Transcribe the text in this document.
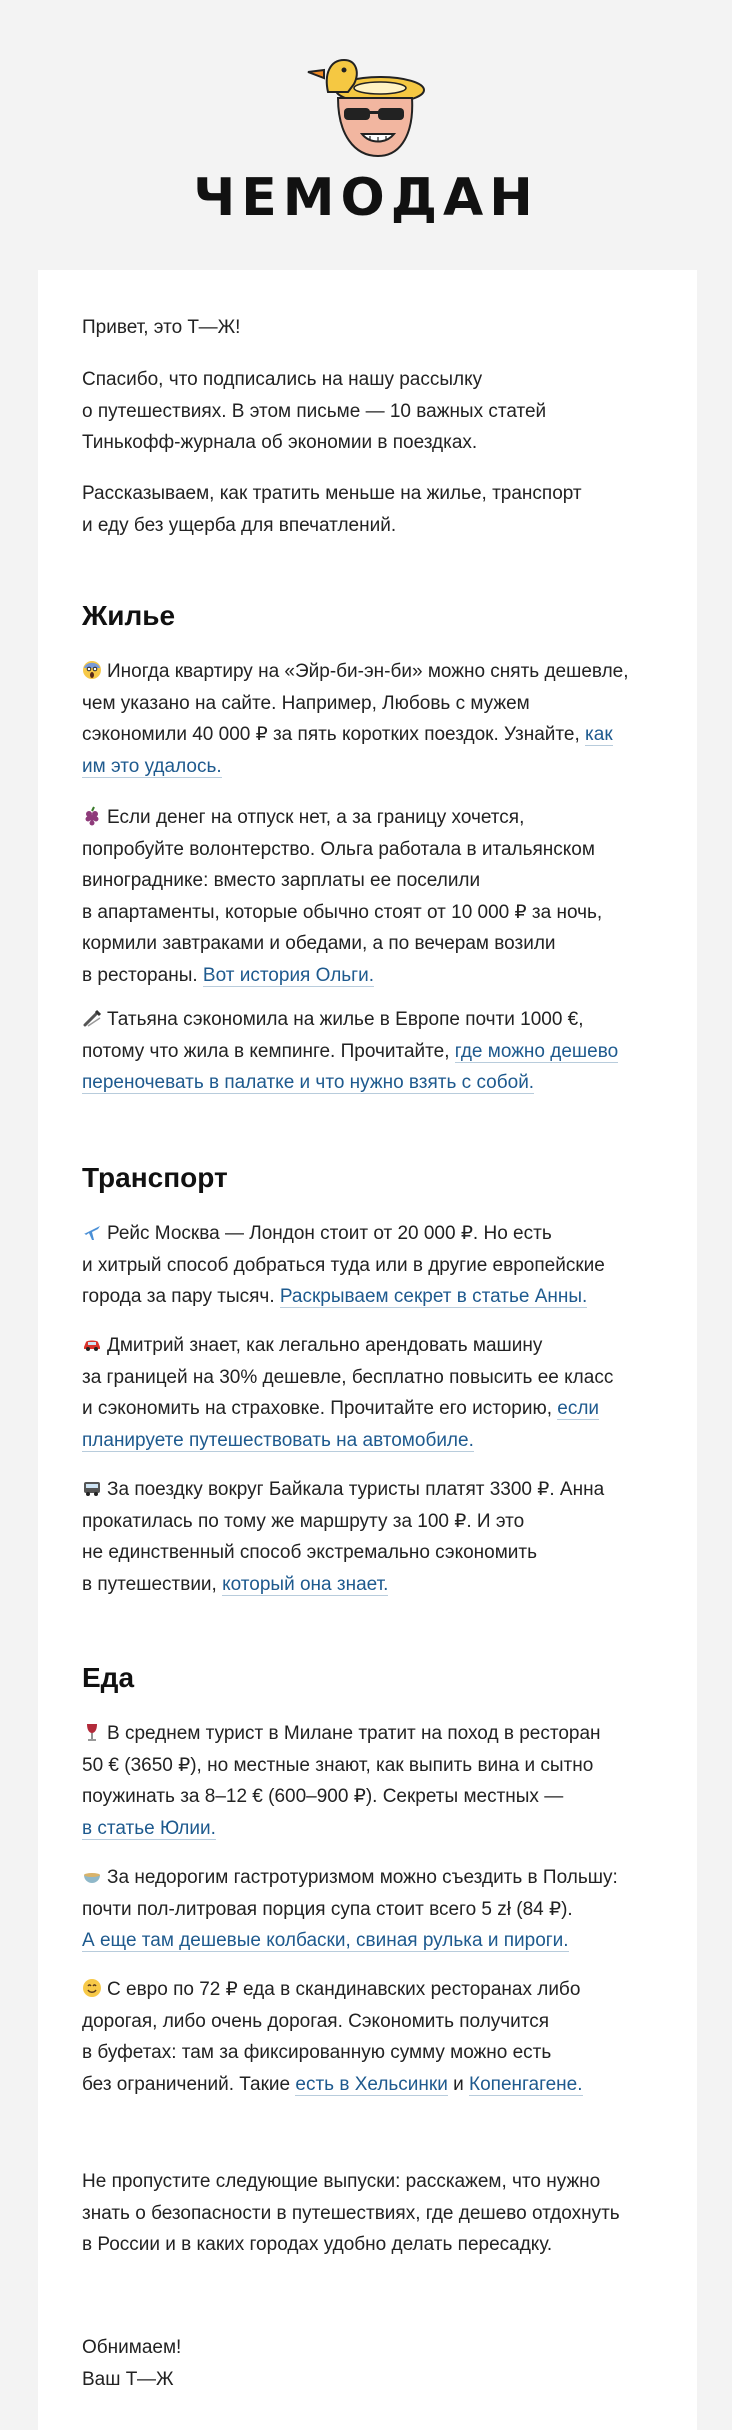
ЧЕМОДАН

Привет, это Т—Ж!

Спасибо, что подписались на нашу рассылку
о путешествиях. В этом письме — 10 важных статей
Тинькофф-журнала об экономии в поездках.

Рассказываем, как тратить меньше на жилье, транспорт
и еду без ущерба для впечатлений.

Жилье

Иногда квартиру на «Эйр-би-эн-би» можно снять дешевле,
чем указано на сайте. Например, Любовь с мужем
сэкономили 40 000 ₽ за пять коротких поездок. Узнайте, как
им это удалось.

Если денег на отпуск нет, а за границу хочется,
попробуйте волонтерство. Ольга работала в итальянском
винограднике: вместо зарплаты ее поселили
в апартаменты, которые обычно стоят от 10 000 ₽ за ночь,
кормили завтраками и обедами, а по вечерам возили
в рестораны. Вот история Ольги.

Татьяна сэкономила на жилье в Европе почти 1000 €,
потому что жила в кемпинге. Прочитайте, где можно дешево
переночевать в палатке и что нужно взять с собой.

Транспорт

Рейс Москва — Лондон стоит от 20 000 ₽. Но есть
и хитрый способ добраться туда или в другие европейские
города за пару тысяч. Раскрываем секрет в статье Анны.

Дмитрий знает, как легально арендовать машину
за границей на 30% дешевле, бесплатно повысить ее класс
и сэкономить на страховке. Прочитайте его историю, если
планируете путешествовать на автомобиле.

За поездку вокруг Байкала туристы платят 3300 ₽. Анна
прокатилась по тому же маршруту за 100 ₽. И это
не единственный способ экстремально сэкономить
в путешествии, который она знает.

Еда

В среднем турист в Милане тратит на поход в ресторан
50 € (3650 ₽), но местные знают, как выпить вина и сытно
поужинать за 8–12 € (600–900 ₽). Секреты местных —
в статье Юлии.

За недорогим гастротуризмом можно съездить в Польшу:
почти пол-литровая порция супа стоит всего 5 zł (84 ₽).
А еще там дешевые колбаски, свиная рулька и пироги.

С евро по 72 ₽ еда в скандинавских ресторанах либо
дорогая, либо очень дорогая. Сэкономить получится
в буфетах: там за фиксированную сумму можно есть
без ограничений. Такие есть в Хельсинки и Копенгагене.

Не пропустите следующие выпуски: расскажем, что нужно
знать о безопасности в путешествиях, где дешево отдохнуть
в России и в каких городах удобно делать пересадку.

Обнимаем!
Ваш Т—Ж
